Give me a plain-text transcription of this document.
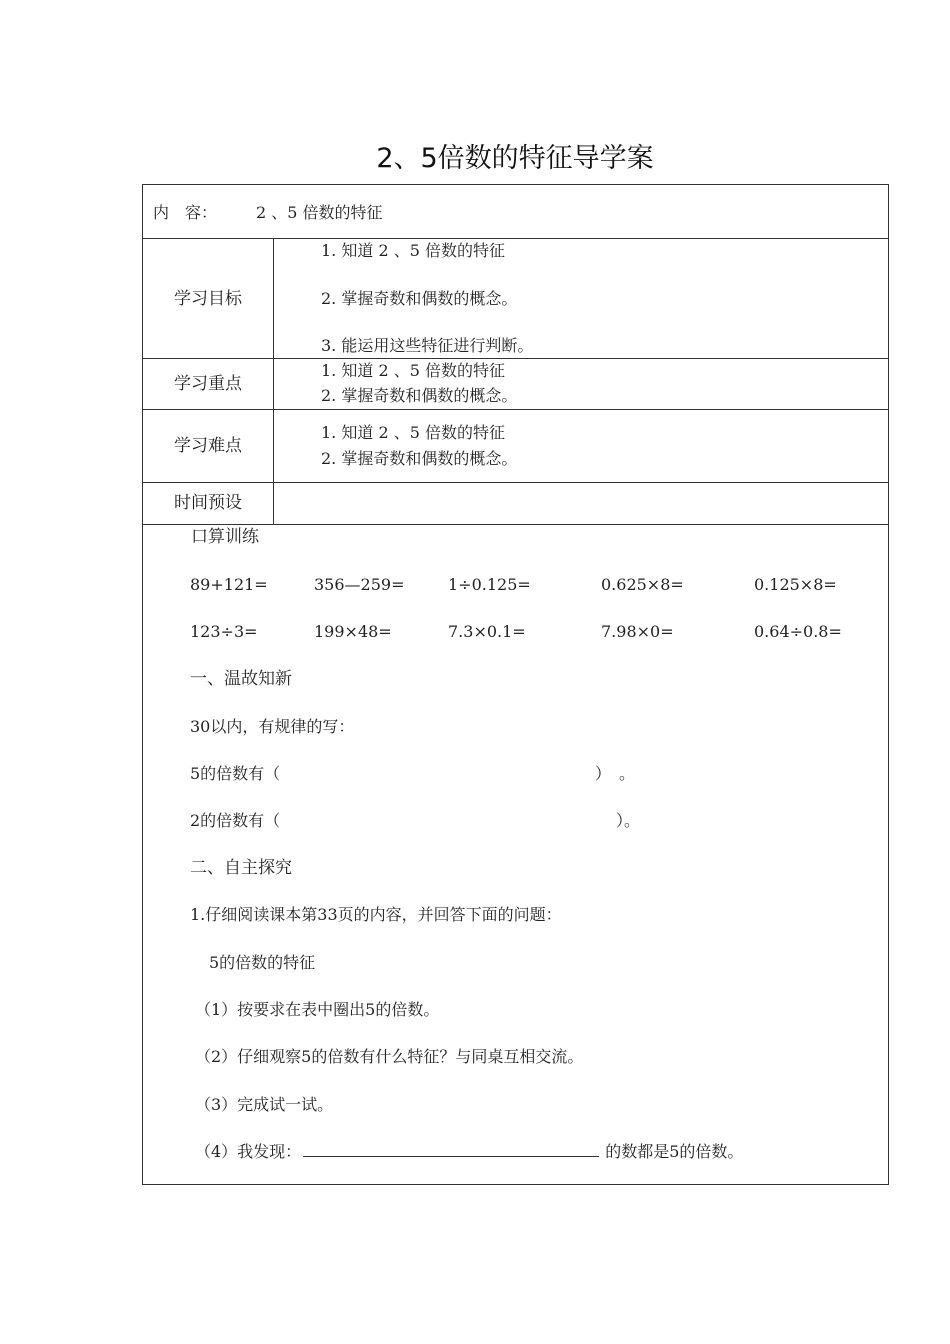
2、5倍数的特征导学案
内　容： 2 、5 倍数的特征
学习目标
1. 知道 2 、5 倍数的特征
2. 掌握奇数和偶数的概念。
3. 能运用这些特征进行判断。
学习重点
1. 知道 2 、5 倍数的特征
2. 掌握奇数和偶数的概念。
学习难点
1. 知道 2 、5 倍数的特征
2. 掌握奇数和偶数的概念。
时间预设
口算训练
89+121=	356—259=	1÷0.125=	0.625×8=	0.125×8=
123÷3=	199×48=	7.3×0.1=	7.98×0=	0.64÷0.8=
一、温故知新
30以内，有规律的写：
5的倍数有（	）　。
2的倍数有（	）。
二、自主探究
1.仔细阅读课本第33页的内容，并回答下面的问题：
5的倍数的特征
（1）按要求在表中圈出5的倍数。
（2）仔细观察5的倍数有什么特征？与同桌互相交流。
（3）完成试一试。
（4）我发现：	的数都是5的倍数。
